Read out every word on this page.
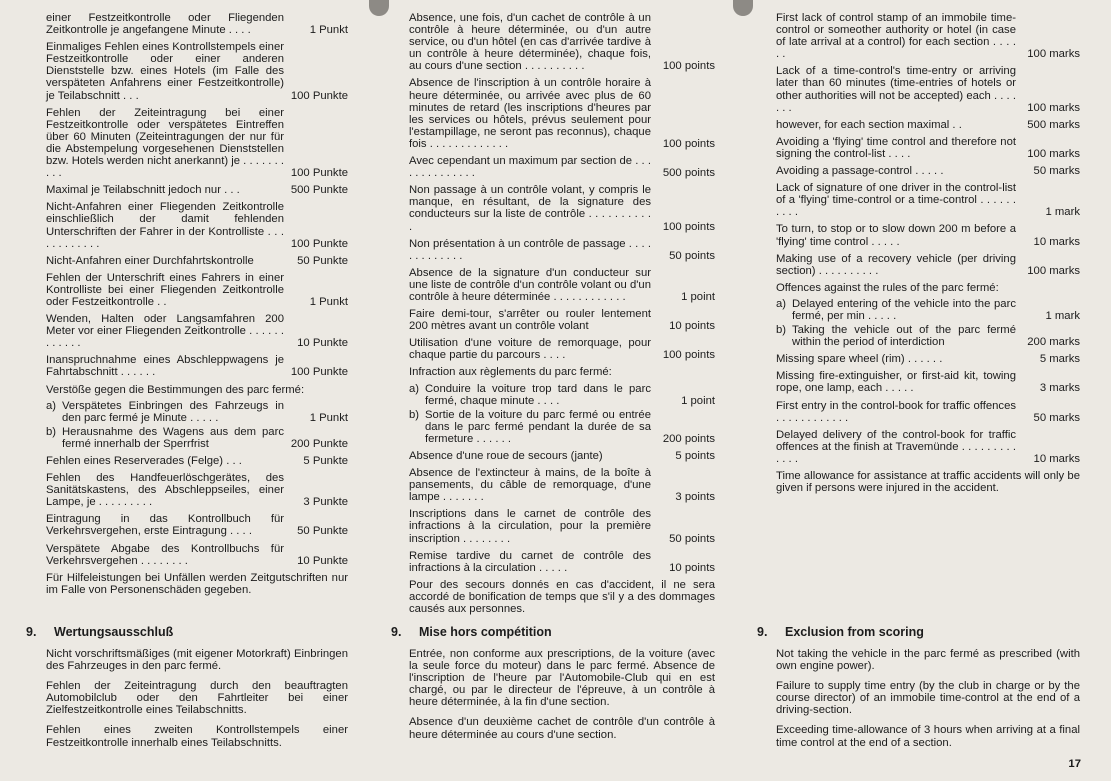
einer Festzeitkontrolle oder Fliegenden Zeitkontrolle je angefangene Minute . . . .	1 Punkt
Einmaliges Fehlen eines Kontrollstempels einer Festzeitkontrolle oder einer anderen Dienststelle bzw. eines Hotels (im Falle des verspäteten Anfahrens einer Festzeitkontrolle) je Teilabschnitt . . .	100 Punkte
Fehlen der Zeiteintragung bei einer Festzeitkontrolle oder verspätetes Eintreffen über 60 Minuten (Zeiteintragungen der nur für die Abstempelung vorgesehenen Dienststellen bzw. Hotels werden nicht anerkannt) je . . . . . . . . . .	100 Punkte
Maximal je Teilabschnitt jedoch nur . . .	500 Punkte
Nicht-Anfahren einer Fliegenden Zeitkontrolle einschließlich der damit fehlenden Unterschriften der Fahrer in der Kontrolliste . . . . . . . . . . . .	100 Punkte
Nicht-Anfahren einer Durchfahrtskontrolle	50 Punkte
Fehlen der Unterschrift eines Fahrers in einer Kontrolliste bei einer Fliegenden Zeitkontrolle oder Festzeitkontrolle . .	1 Punkt
Wenden, Halten oder Langsamfahren 200 Meter vor einer Fliegenden Zeitkontrolle . . . . . . . . . . . .	10 Punkte
Inanspruchnahme eines Abschleppwagens je Fahrtabschnitt . . . . . .	100 Punkte
Verstöße gegen die Bestimmungen des parc fermé:
a) Verspätetes Einbringen des Fahrzeugs in den parc fermé je Minute . . . . .	1 Punkt
b) Herausnahme des Wagens aus dem parc fermé innerhalb der Sperrfrist	200 Punkte
Fehlen eines Reserverades (Felge) . . .	5 Punkte
Fehlen des Handfeuerlöschgerätes, des Sanitätskastens, des Abschleppseiles, einer Lampe, je . . . . . . . . .	3 Punkte
Eintragung in das Kontrollbuch für Verkehrsvergehen, erste Eintragung . . . .	50 Punkte
Verspätete Abgabe des Kontrollbuchs für Verkehrsvergehen . . . . . . . .	10 Punkte
Für Hilfeleistungen bei Unfällen werden Zeitgutschriften nur im Falle von Personenschäden gegeben.
Absence, une fois, d'un cachet de contrôle à un contrôle à heure déterminée, ou d'un autre service, ou d'un hôtel (en cas d'arrivée tardive à un contrôle à heure déterminée), chaque fois, au cours d'une section . . . . . . . . . .	100 points
Absence de l'inscription à un contrôle horaire à heure déterminée, ou arrivée avec plus de 60 minutes de retard (les inscriptions d'heures par les services ou hôtels, prévus seulement pour l'estampillage, ne seront pas reconnus), chaque fois . . . . . . . . . . . . .	100 points
Avec cependant un maximum par section de . . . . . . . . . . . . . .	500 points
Non passage à un contrôle volant, y compris le manque, en résultant, de la signature des conducteurs sur la liste de contrôle . . . . . . . . . . .	100 points
Non présentation à un contrôle de passage . . . . . . . . . . . . .	50 points
Absence de la signature d'un conducteur sur une liste de contrôle d'un contrôle volant ou d'un contrôle à heure déterminée . . . . . . . . . . . .	1 point
Faire demi-tour, s'arrêter ou rouler lentement 200 mètres avant un contrôle volant	10 points
Utilisation d'une voiture de remorquage, pour chaque partie du parcours . . . .	100 points
Infraction aux règlements du parc fermé:
a) Conduire la voiture trop tard dans le parc fermé, chaque minute . . . .	1 point
b) Sortie de la voiture du parc fermé ou entrée dans le parc fermé pendant la durée de sa fermeture . . . . . .	200 points
Absence d'une roue de secours (jante)	5 points
Absence de l'extincteur à mains, de la boîte à pansements, du câble de remorquage, d'une lampe . . . . . . .	3 points
Inscriptions dans le carnet de contrôle des infractions à la circulation, pour la première inscription . . . . . . . .	50 points
Remise tardive du carnet de contrôle des infractions à la circulation . . . . .	10 points
Pour des secours donnés en cas d'accident, il ne sera accordé de bonification de temps que s'il y a des dommages causés aux personnes.
First lack of control stamp of an immobile time-control or someother authority or hotel (in case of late arrival at a control) for each section . . . . . .	100 marks
Lack of a time-control's time-entry or arriving later than 60 minutes (time-entries of hotels or other authorities will not be accepted) each . . . . . . .	100 marks
however, for each section maximal . .	500 marks
Avoiding a 'flying' time control and therefore not signing the control-list . . . .	100 marks
Avoiding a passage-control . . . . .	50 marks
Lack of signature of one driver in the control-list of a 'flying' time-control or a time-control . . . . . . . . . .	1 mark
To turn, to stop or to slow down 200 m before a 'flying' time control . . . . .	10 marks
Making use of a recovery vehicle (per driving section) . . . . . . . . . .	100 marks
Offences against the rules of the parc fermé:
a) Delayed entering of the vehicle into the parc fermé, per min . . . . .	1 mark
b) Taking the vehicle out of the parc fermé within the period of interdiction	200 marks
Missing spare wheel (rim) . . . . . .	5 marks
Missing fire-extinguisher, or first-aid kit, towing rope, one lamp, each . . . . .	3 marks
First entry in the control-book for traffic offences . . . . . . . . . . . .	50 marks
Delayed delivery of the control-book for traffic offences at the finish at Travemünde . . . . . . . . . . . . .	10 marks
Time allowance for assistance at traffic accidents will only be given if persons were injured in the accident.
9. Wertungsausschluß	9. Mise hors compétition	9. Exclusion from scoring

Nicht vorschriftsmäßiges (mit eigener Motorkraft) Einbringen des Fahrzeuges in den parc fermé.

Fehlen der Zeiteintragung durch den beauftragten Automobilclub oder den Fahrtleiter bei einer Zielfestzeitkontrolle eines Teilabschnitts.

Fehlen eines zweiten Kontrollstempels einer Festzeitkontrolle innerhalb eines Teilabschnitts.

Entrée, non conforme aux prescriptions, de la voiture (avec la seule force du moteur) dans le parc fermé. Absence de l'inscription de l'heure par l'Automobile-Club qui en est chargé, ou par le directeur de l'épreuve, à un contrôle à heure déterminée, à la fin d'une section.

Absence d'un deuxième cachet de contrôle d'un contrôle à heure déterminée au cours d'une section.

Not taking the vehicle in the parc fermé as prescribed (with own engine power).

Failure to supply time entry (by the club in charge or by the course director) of an immobile time-control at the end of a driving-section.

Exceeding time-allowance of 3 hours when arriving at a final time control at the end of a section.

17
